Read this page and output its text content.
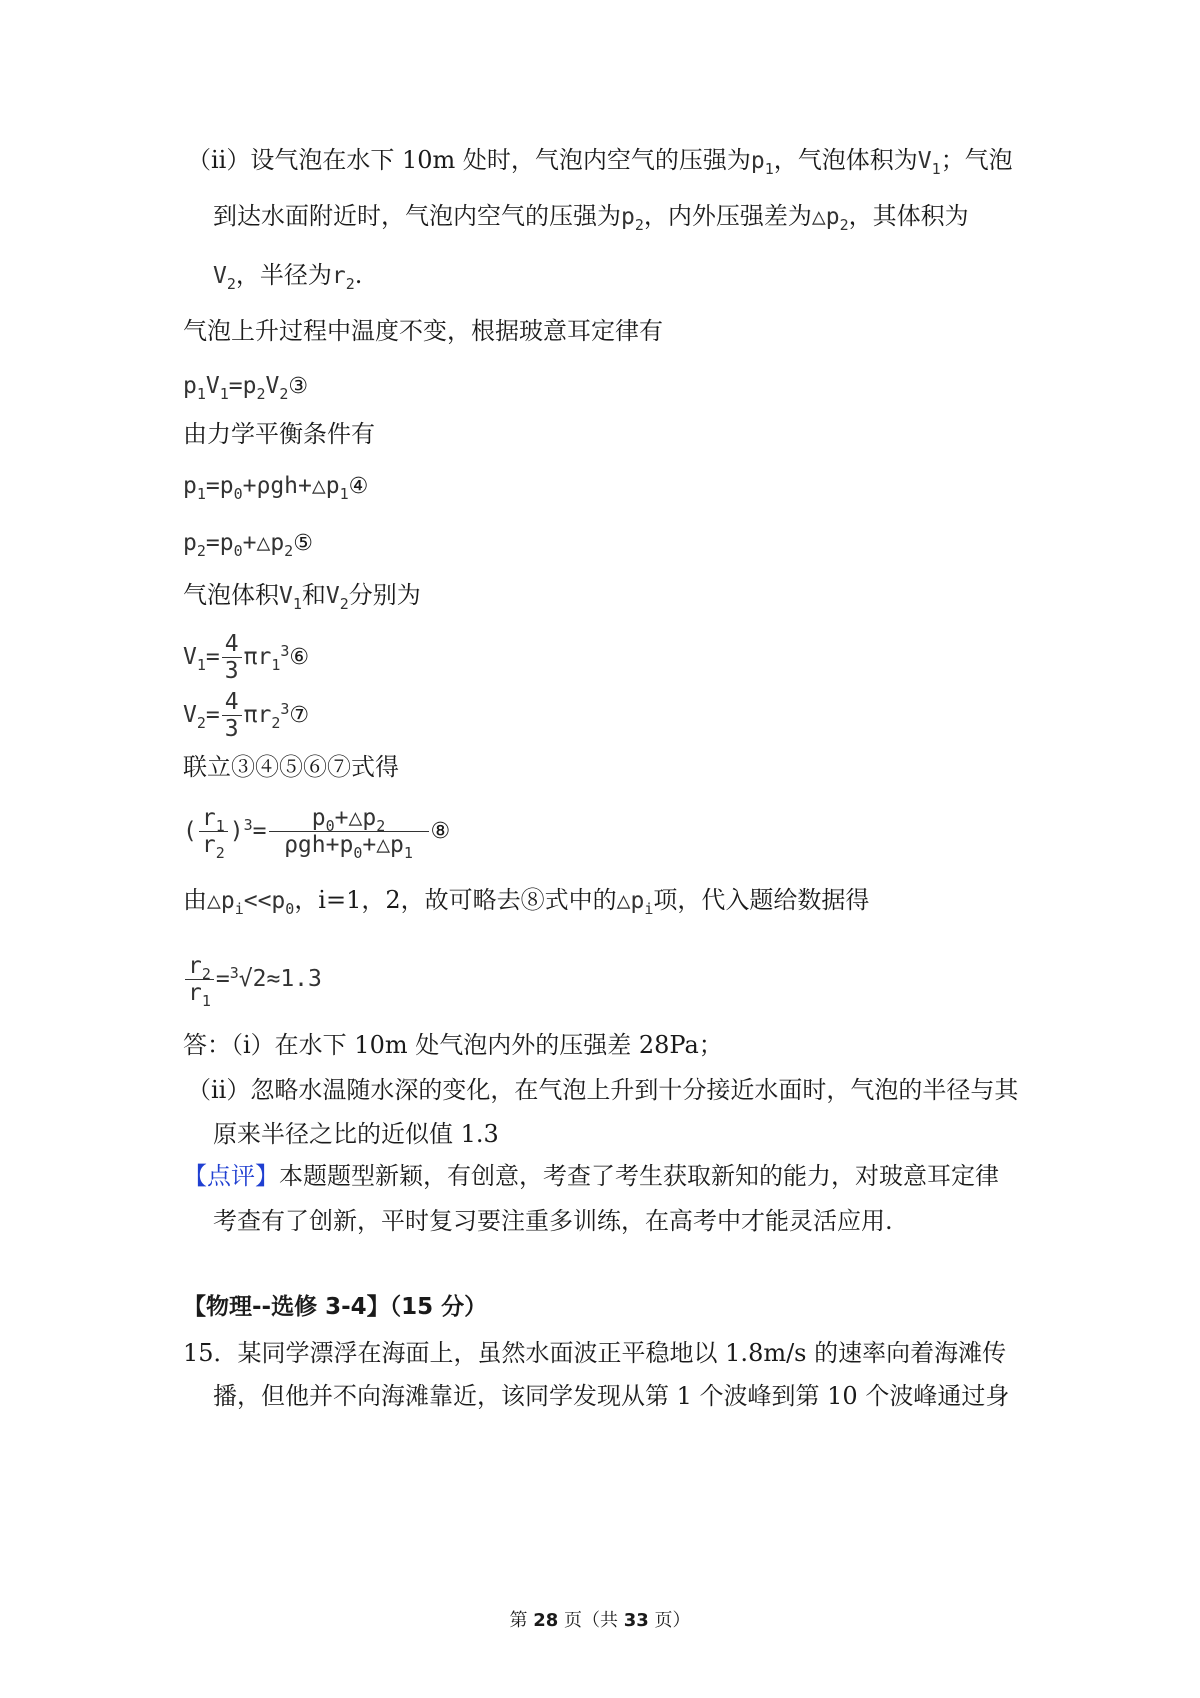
（ii）设气泡在水下 10m 处时，气泡内空气的压强为$p_1$，气泡体积为$V_1$；气泡
到达水面附近时，气泡内空气的压强为$p_2$，内外压强差为$\triangle p_2$，其体积为
$V_2$，半径为$r_2$.
气泡上升过程中温度不变，根据玻意耳定律有
$p_1V_1=p_2V_2③$
由力学平衡条件有
$p_1=p_0+\rho gh+\triangle p_1④$
$p_2=p_0+\triangle p_2⑤$
气泡体积$V_1$和$V_2$分别为
$V_1= \frac{4}{3}$ $\pi r_1^3⑥$
$V_2= \frac{4}{3}$ $\pi r_2^3⑦$
联立③④⑤⑥⑦式得
( $\frac{r_1}{r_2} )^3= \frac{p_0+\triangle p_2}{\rho gh+p_0+\triangle p_1}$ ⑧
由$\triangle p_i<<p_0$，i=1，2，故可略去⑧式中的$\triangle p_i$项，代入题给数据得
$\frac{r_2}{r_1} =^3√2\approx 1.3$
答：（i）在水下 10m 处气泡内外的压强差 28Pa；
（ii）忽略水温随水深的变化，在气泡上升到十分接近水面时，气泡的半径与其
原来半径之比的近似值 1.3
【点评】本题题型新颖，有创意，考查了考生获取新知的能力，对玻意耳定律
考查有了创新，平时复习要注重多训练，在高考中才能灵活应用.
【物理--选修 3-4】（15 分）
15．某同学漂浮在海面上，虽然水面波正平稳地以 1.8m/s 的速率向着海滩传
播，但他并不向海滩靠近，该同学发现从第 1 个波峰到第 10 个波峰通过身
第 28 页（共 33 页）
